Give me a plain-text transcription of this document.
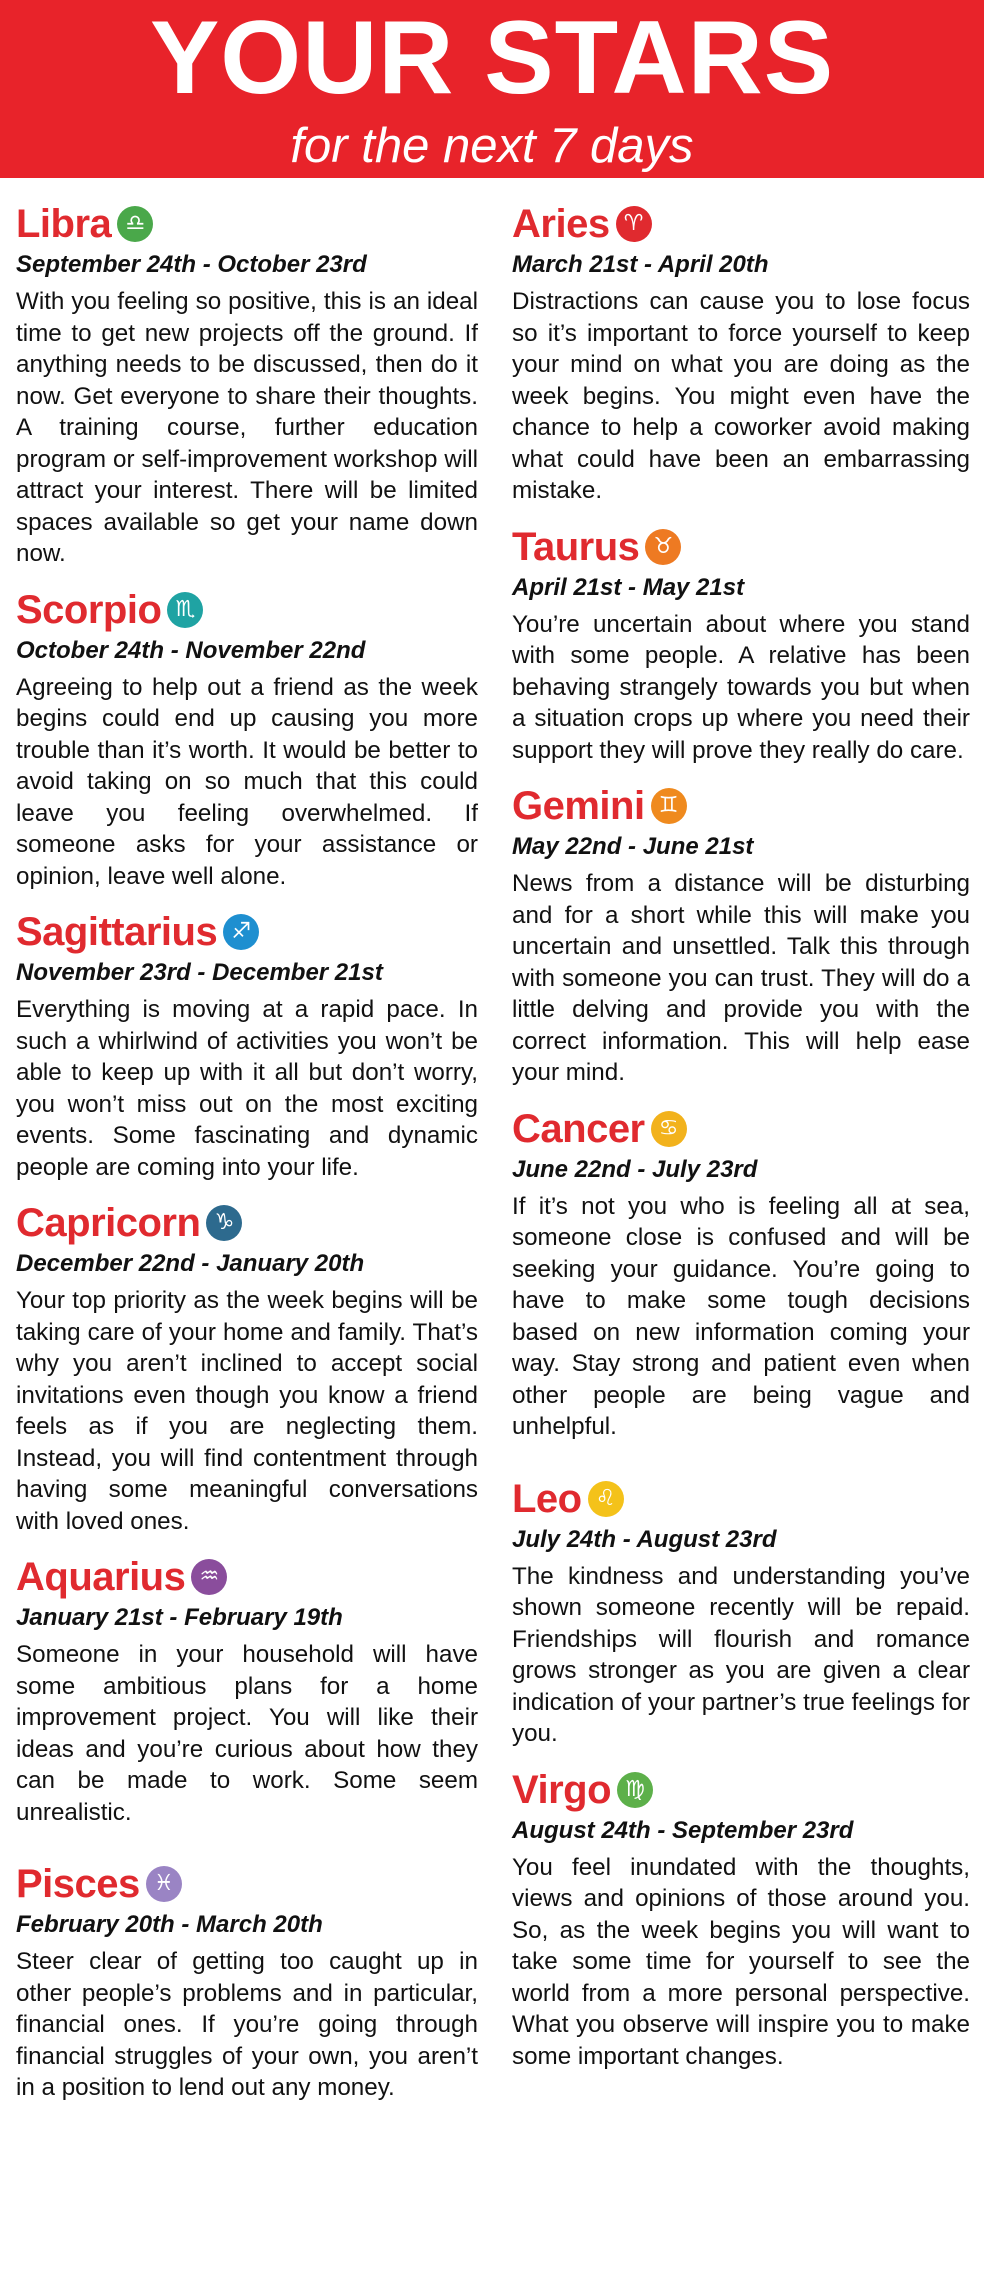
YOUR STARS
for the next 7 days
Libra ♎
September 24th - October 23rd

With you feeling so positive, this is an ideal time to get new projects off the ground. If anything needs to be discussed, then do it now. Get everyone to share their thoughts. A training course, further education program or self-improvement workshop will attract your interest. There will be limited spaces available so get your name down now.

Scorpio ♏
October 24th - November 22nd

Agreeing to help out a friend as the week begins could end up causing you more trouble than it’s worth. It would be better to avoid taking on so much that this could leave you feeling overwhelmed. If someone asks for your assistance or opinion, leave well alone.

Sagittarius ♐
November 23rd - December 21st

Everything is moving at a rapid pace. In such a whirlwind of activities you won’t be able to keep up with it all but don’t worry, you won’t miss out on the most exciting events. Some fascinating and dynamic people are coming into your life.

Capricorn ♑
December 22nd - January 20th

Your top priority as the week begins will be taking care of your home and family. That’s why you aren’t inclined to accept social invitations even though you know a friend feels as if you are neglecting them. Instead, you will find contentment through having some meaningful conversations with loved ones.

Aquarius ♒
January 21st - February 19th

Someone in your household will have some ambitious plans for a home improvement project. You will like their ideas and you’re curious about how they can be made to work. Some seem unrealistic.

Pisces ♓
February 20th - March 20th

Steer clear of getting too caught up in other people’s problems and in particular, financial ones. If you’re going through financial struggles of your own, you aren’t in a position to lend out any money.

Aries ♈
March 21st - April 20th

Distractions can cause you to lose focus so it’s important to force yourself to keep your mind on what you are doing as the week begins. You might even have the chance to help a coworker avoid making what could have been an embarrassing mistake.

Taurus ♉
April 21st - May 21st

You’re uncertain about where you stand with some people. A relative has been behaving strangely towards you but when a situation crops up where you need their support they will prove they really do care.

Gemini ♊
May 22nd - June 21st

News from a distance will be disturbing and for a short while this will make you uncertain and unsettled. Talk this through with someone you can trust. They will do a little delving and provide you with the correct information. This will help ease your mind.

Cancer ♋
June 22nd - July 23rd

If it’s not you who is feeling all at sea, someone close is confused and will be seeking your guidance. You’re going to have to make some tough decisions based on new information coming your way. Stay strong and patient even when other people are being vague and unhelpful.

Leo ♌
July 24th - August 23rd

The kindness and understanding you’ve shown someone recently will be repaid. Friendships will flourish and romance grows stronger as you are given a clear indication of your partner’s true feelings for you.

Virgo ♍
August 24th - September 23rd

You feel inundated with the thoughts, views and opinions of those around you. So, as the week begins you will want to take some time for yourself to see the world from a more personal perspective. What you observe will inspire you to make some important changes.
